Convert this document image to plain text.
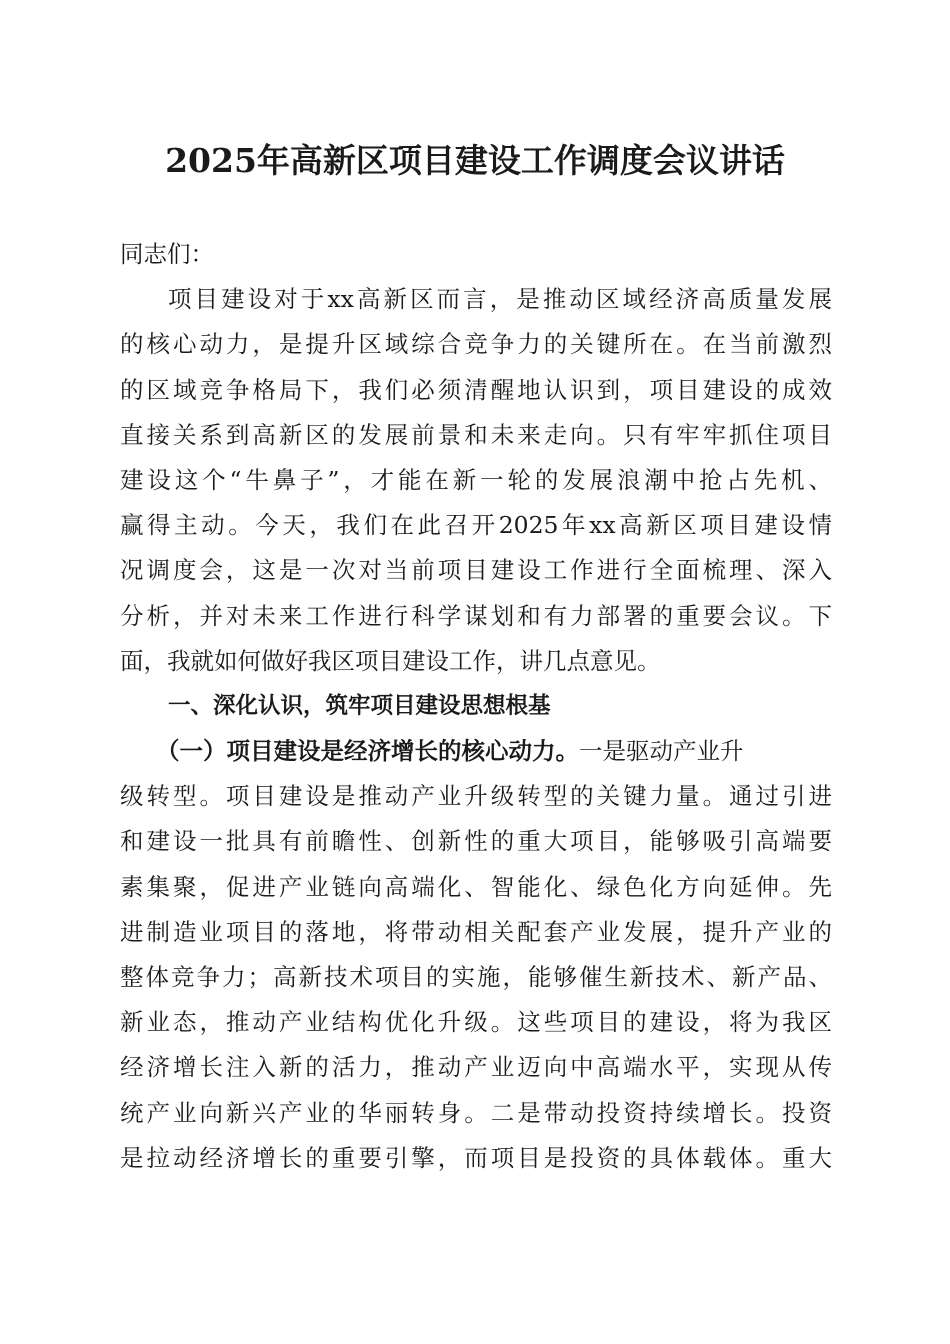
2025年高新区项目建设工作调度会议讲话
同志们：
项目建设对于xx高新区而言，是推动区域经济高质量发展
的核心动力，是提升区域综合竞争力的关键所在。在当前激烈
的区域竞争格局下，我们必须清醒地认识到，项目建设的成效
直接关系到高新区的发展前景和未来走向。只有牢牢抓住项目
建设这个“牛鼻子”，才能在新一轮的发展浪潮中抢占先机、
赢得主动。今天，我们在此召开2025年xx高新区项目建设情
况调度会，这是一次对当前项目建设工作进行全面梳理、深入
分析，并对未来工作进行科学谋划和有力部署的重要会议。下
面，我就如何做好我区项目建设工作，讲几点意见。
一、深化认识，筑牢项目建设思想根基
（一）项目建设是经济增长的核心动力。一是驱动产业升
级转型。项目建设是推动产业升级转型的关键力量。通过引进
和建设一批具有前瞻性、创新性的重大项目，能够吸引高端要
素集聚，促进产业链向高端化、智能化、绿色化方向延伸。先
进制造业项目的落地，将带动相关配套产业发展，提升产业的
整体竞争力；高新技术项目的实施，能够催生新技术、新产品、
新业态，推动产业结构优化升级。这些项目的建设，将为我区
经济增长注入新的活力，推动产业迈向中高端水平，实现从传
统产业向新兴产业的华丽转身。二是带动投资持续增长。投资
是拉动经济增长的重要引擎，而项目是投资的具体载体。重大
